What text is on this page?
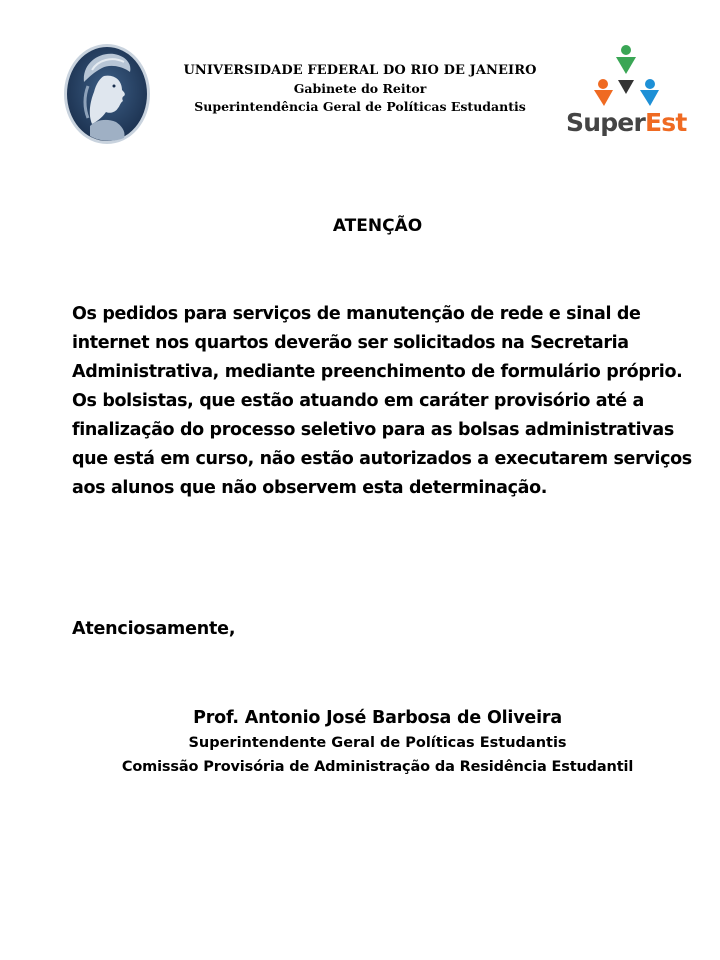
UNIVERSIDADE FEDERAL DO RIO DE JANEIRO
Gabinete do Reitor
Superintendência Geral de Políticas Estudantis
SuperEst
ATENÇÃO

Os pedidos para serviços de manutenção de rede e sinal de internet nos quartos deverão ser solicitados na Secretaria Administrativa, mediante preenchimento de formulário próprio.

Os bolsistas, que estão atuando em caráter provisório até a finalização do processo seletivo para as bolsas administrativas que está em curso, não estão autorizados a executarem serviços aos alunos que não observem esta determinação.

Atenciosamente,
Prof. Antonio José Barbosa de Oliveira
Superintendente Geral de Políticas Estudantis
Comissão Provisória de Administração da Residência Estudantil
